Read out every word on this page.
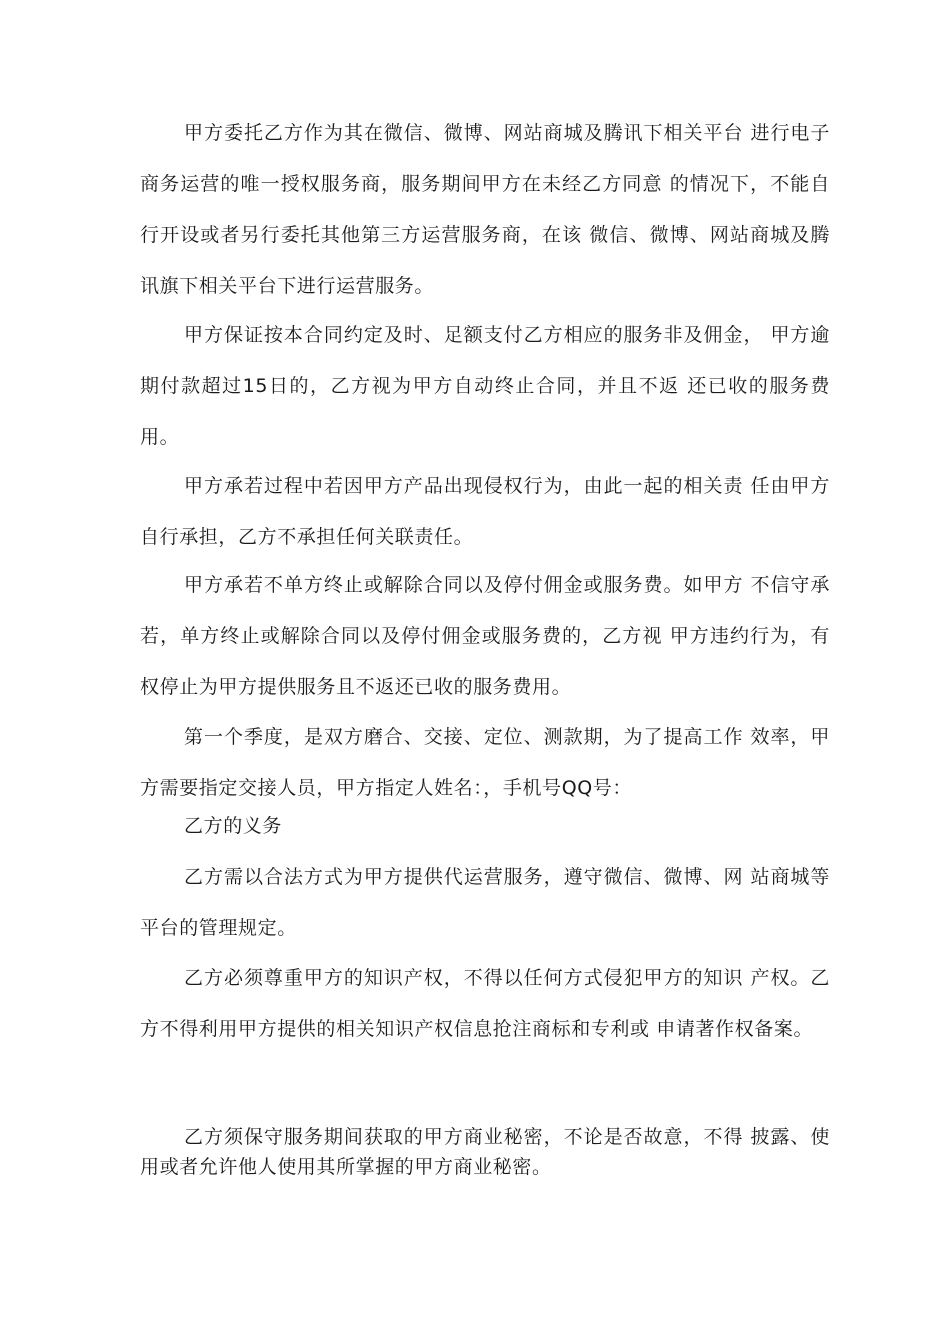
甲方委托乙方作为其在微信、微博、网站商城及腾讯下相关平台 进行电子商务运营的唯一授权服务商，服务期间甲方在未经乙方同意 的情况下，不能自行开设或者另行委托其他第三方运营服务商，在该 微信、微博、网站商城及腾讯旗下相关平台下进行运营服务。

甲方保证按本合同约定及时、足额支付乙方相应的服务非及佣金， 甲方逾期付款超过15日的，乙方视为甲方自动终止合同，并且不返 还已收的服务费用。

甲方承若过程中若因甲方产品出现侵权行为，由此一起的相关责 任由甲方自行承担，乙方不承担任何关联责任。

甲方承若不单方终止或解除合同以及停付佣金或服务费。如甲方 不信守承若，单方终止或解除合同以及停付佣金或服务费的，乙方视 甲方违约行为，有权停止为甲方提供服务且不返还已收的服务费用。

第一个季度，是双方磨合、交接、定位、测款期，为了提高工作 效率，甲方需要指定交接人员，甲方指定人姓名：，手机号QQ号：

乙方的义务

乙方需以合法方式为甲方提供代运营服务，遵守微信、微博、网 站商城等平台的管理规定。

乙方必须尊重甲方的知识产权，不得以任何方式侵犯甲方的知识 产权。乙方不得利用甲方提供的相关知识产权信息抢注商标和专利或 申请著作权备案。

乙方须保守服务期间获取的甲方商业秘密，不论是否故意，不得 披露、使用或者允许他人使用其所掌握的甲方商业秘密。
